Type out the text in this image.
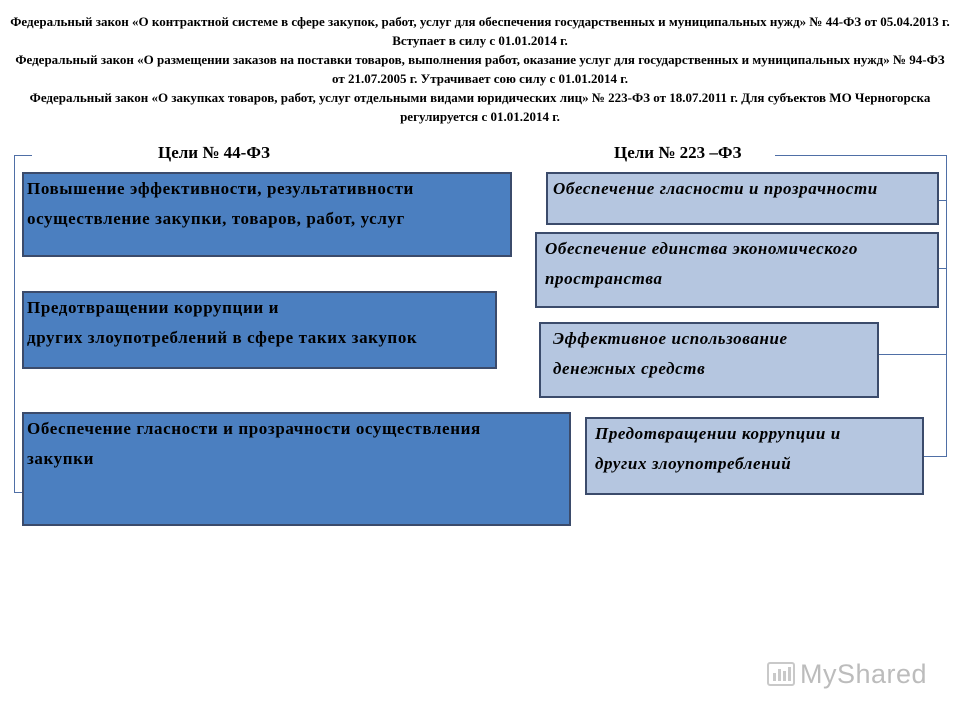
Федеральный закон «О контрактной системе в сфере закупок, работ, услуг для обеспечения государственных и муниципальных нужд» № 44-ФЗ от 05.04.2013 г. Вступает в силу с 01.01.2014 г.

Федеральный закон «О размещении заказов на поставки товаров, выполнения работ, оказание услуг для государственных и муниципальных нужд» № 94-ФЗ от 21.07.2005 г. Утрачивает сою силу с 01.01.2014 г.

Федеральный закон «О закупках товаров, работ, услуг отдельными видами юридических лиц» № 223-ФЗ от 18.07.2011 г. Для субъектов МО Черногорска регулируется с 01.01.2014 г.

Цели № 44-ФЗ	Цели № 223 –ФЗ
Повышение эффективности, результативности
осуществление закупки, товаров, работ, услуг
Предотвращении коррупции и
других злоупотреблений в сфере таких закупок
Обеспечение гласности и прозрачности осуществления
закупки
Обеспечение гласности и прозрачности
Обеспечение единства экономического
пространства
Эффективное использование
денежных средств
Предотвращении коррупции и
других злоупотреблений
MyShared
